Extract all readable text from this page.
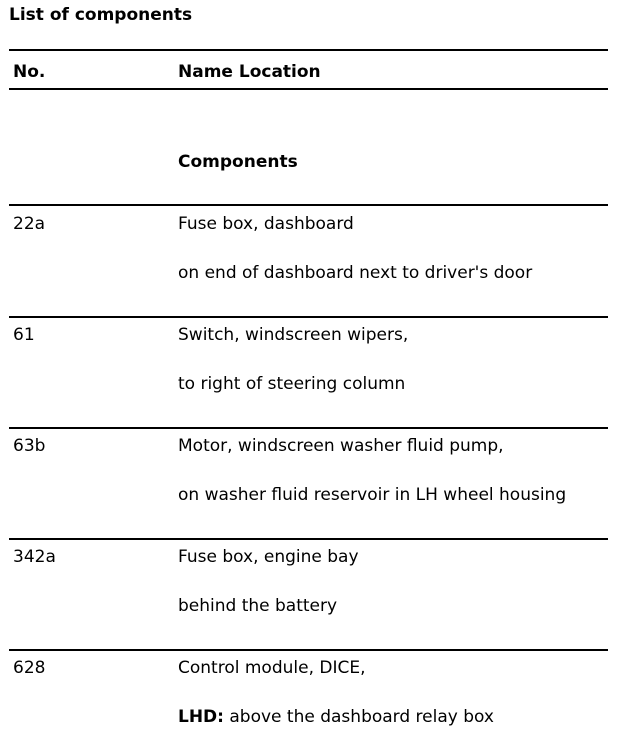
List of components
No.	Name Location
Components
22a	Fuse box, dashboard
on end of dashboard next to driver's door
61	Switch, windscreen wipers,
to right of steering column
63b	Motor, windscreen washer fluid pump,
on washer fluid reservoir in LH wheel housing
342a	Fuse box, engine bay
behind the battery
628	Control module, DICE,
LHD: above the dashboard relay box
